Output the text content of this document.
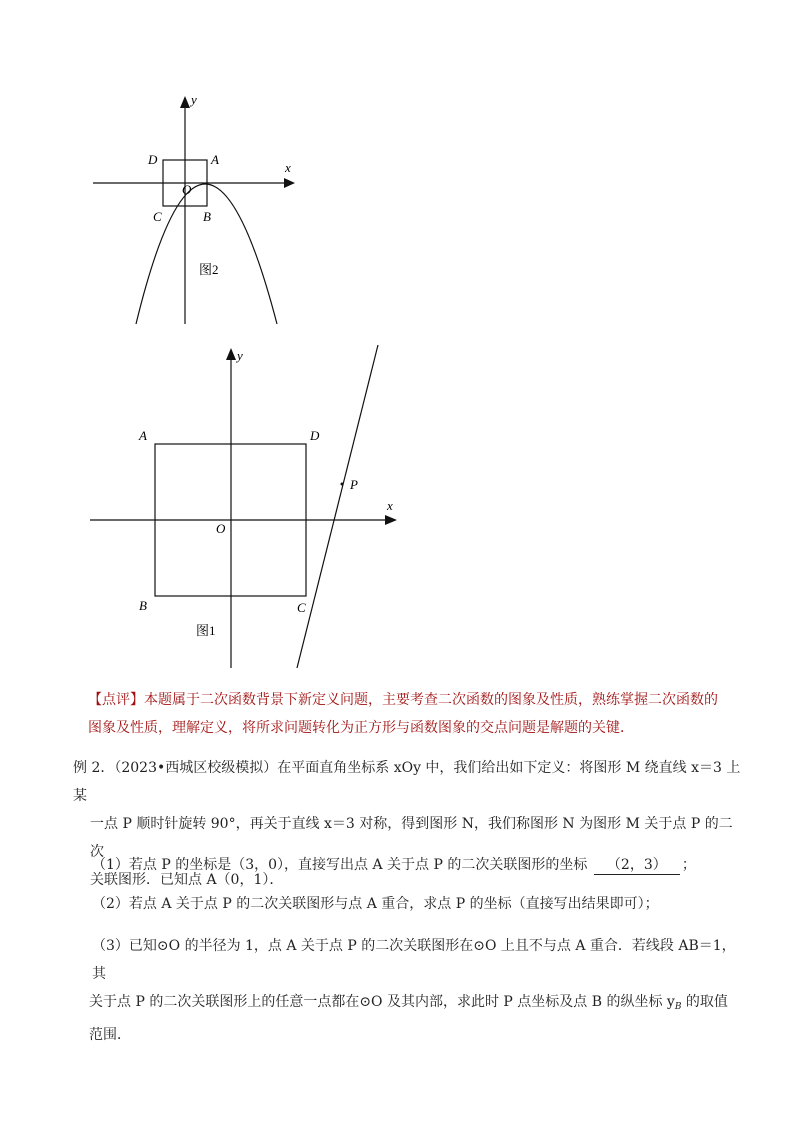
y
x
D	A
O
C	B
图2
y
x
A	D
O
B	C
P
图1
【点评】本题属于二次函数背景下新定义问题，主要考查二次函数的图象及性质，熟练掌握二次函数的
图象及性质，理解定义，将所求问题转化为正方形与函数图象的交点问题是解题的关键．
例 2．（2023•西城区校级模拟）在平面直角坐标系 xOy 中，我们给出如下定义：将图形 M 绕直线 x＝3 上某
一点 P 顺时针旋转 90°，再关于直线 x＝3 对称，得到图形 N，我们称图形 N 为图形 M 关于点 P 的二次
关联图形．已知点 A（0，1）．
（1）若点 P 的坐标是（3，0），直接写出点 A 关于点 P 的二次关联图形的坐标 （2，3） ；
（2）若点 A 关于点 P 的二次关联图形与点 A 重合，求点 P 的坐标（直接写出结果即可）；
（3）已知⊙O 的半径为 1，点 A 关于点 P 的二次关联图形在⊙O 上且不与点 A 重合．若线段 AB＝1，其
关于点 P 的二次关联图形上的任意一点都在⊙O 及其内部，求此时 P 点坐标及点 B 的纵坐标 $y_B$ 的取值
范围．
